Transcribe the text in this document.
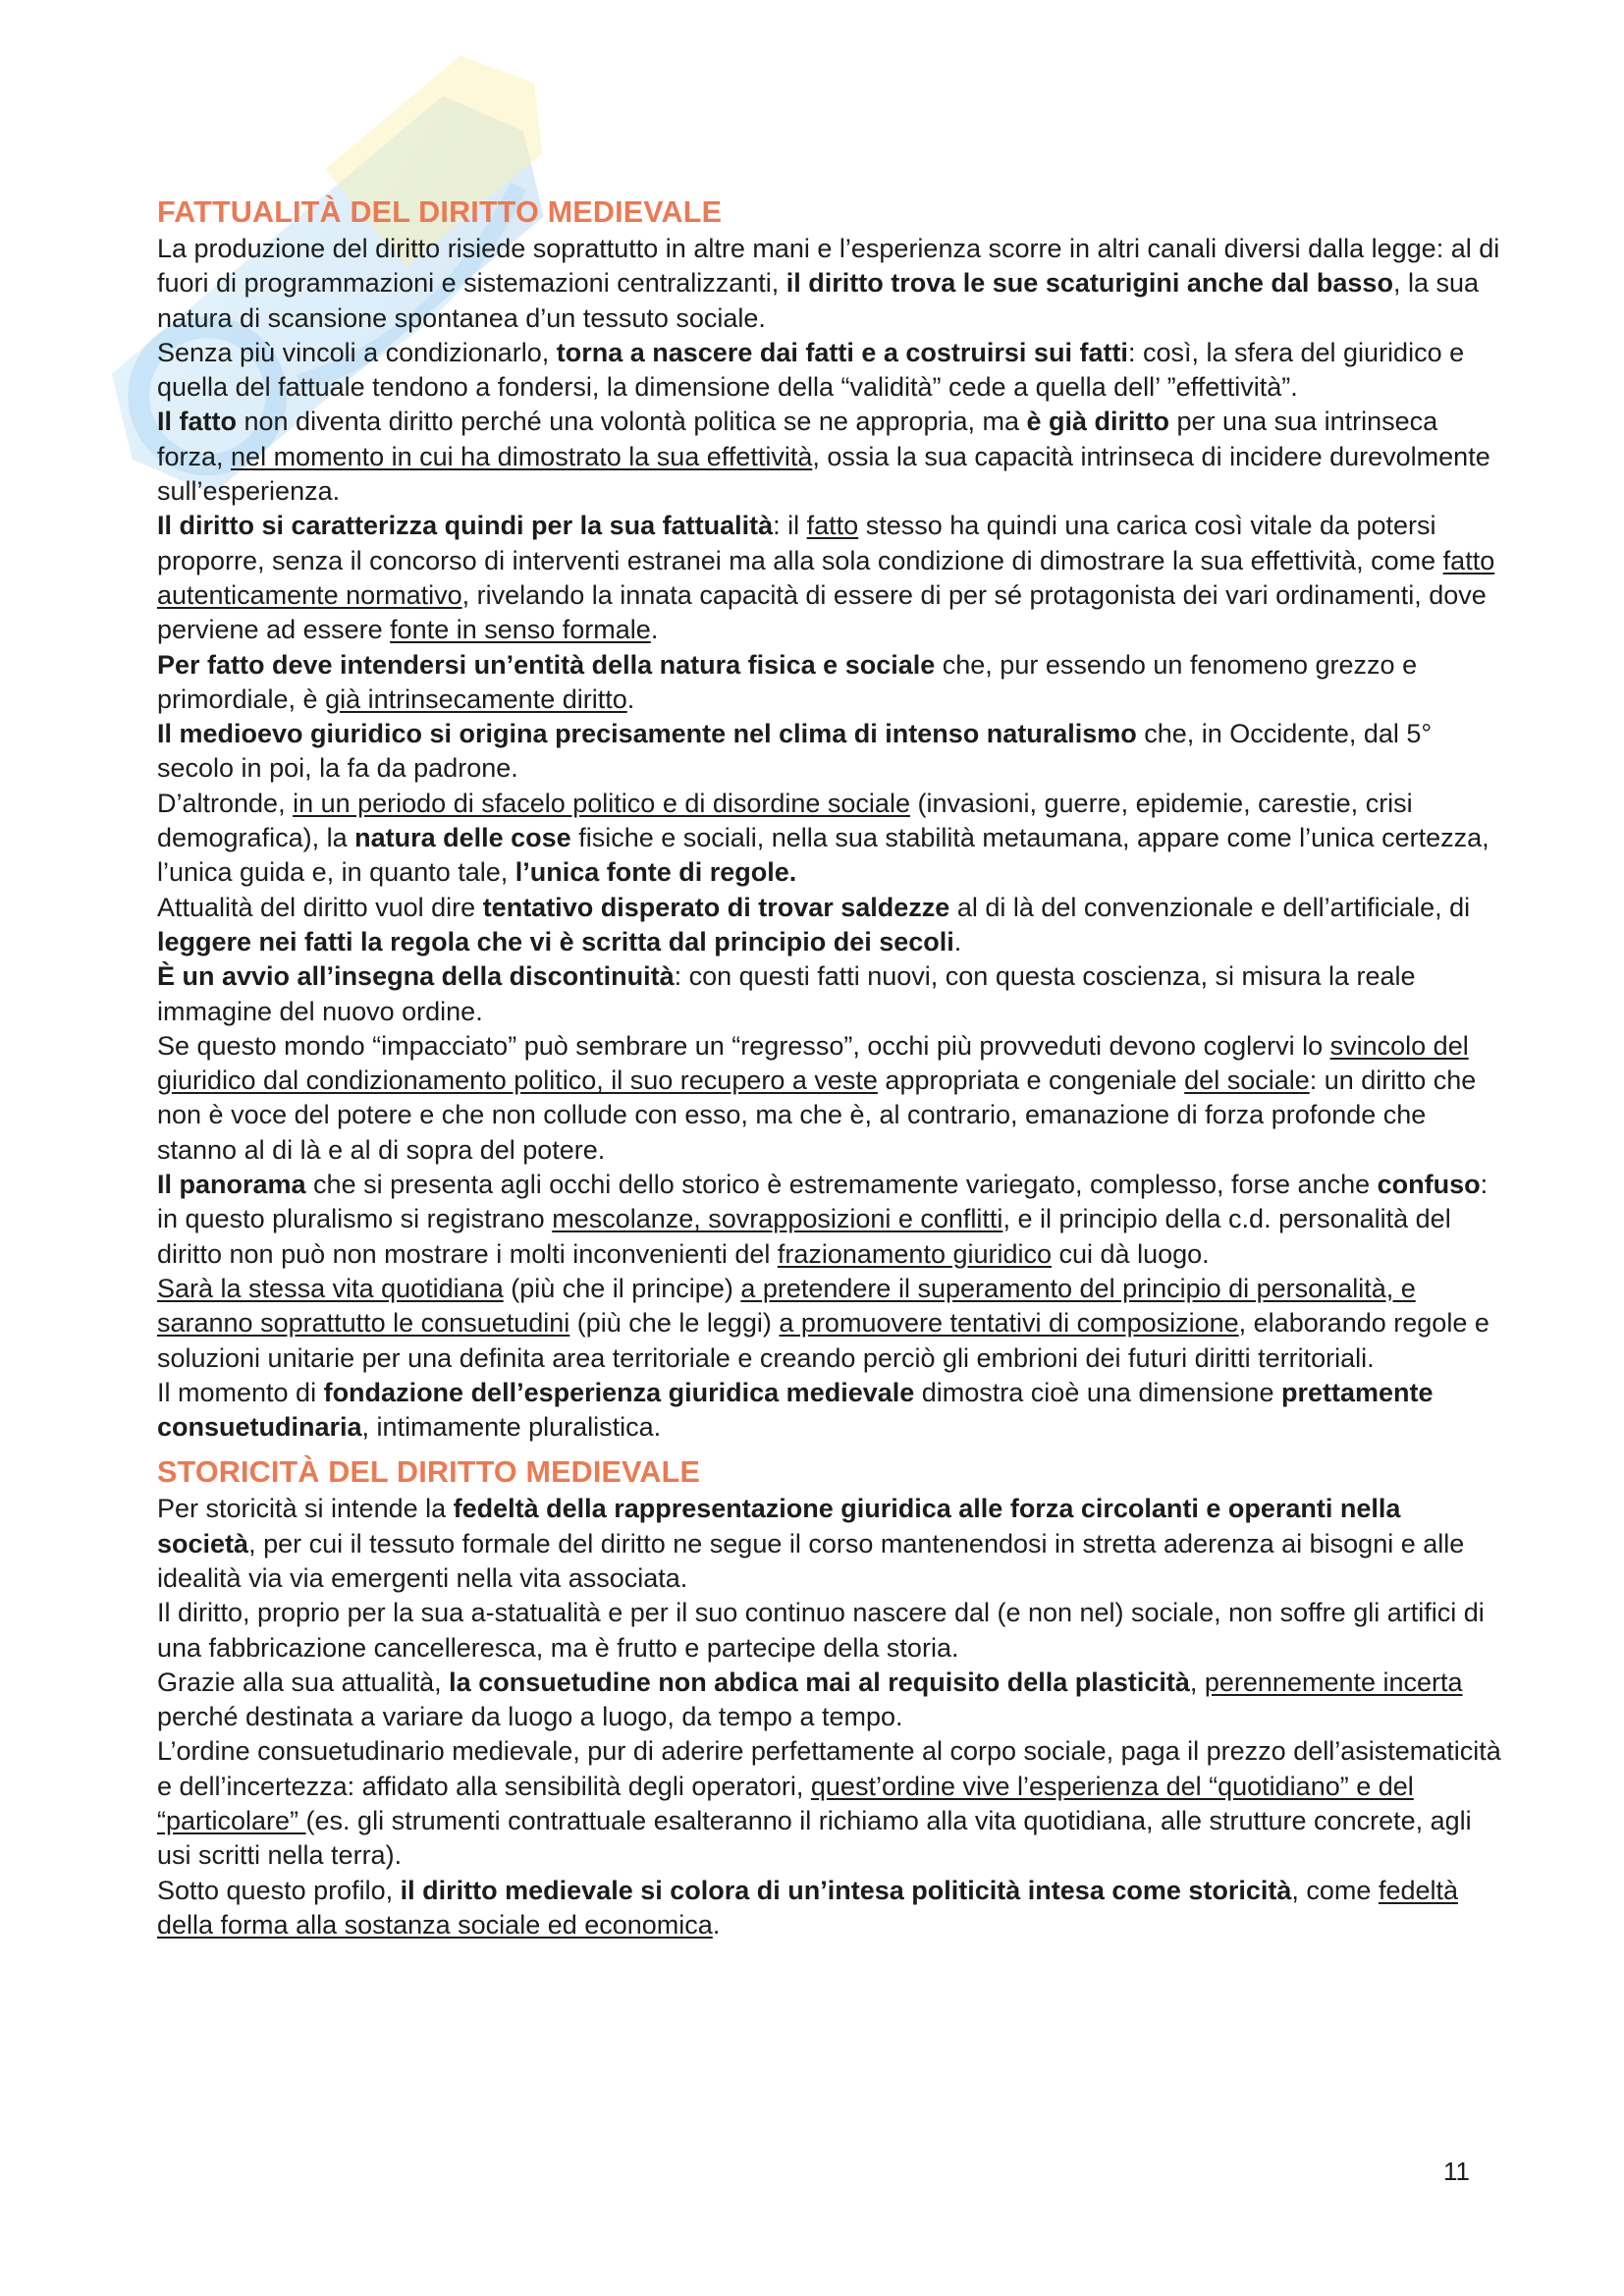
FATTUALITÀ DEL DIRITTO MEDIEVALE

La produzione del diritto risiede soprattutto in altre mani e l’esperienza scorre in altri canali diversi dalla legge: al di fuori di programmazioni e sistemazioni centralizzanti, il diritto trova le sue scaturigini anche dal basso, la sua natura di scansione spontanea d’un tessuto sociale.

Senza più vincoli a condizionarlo, torna a nascere dai fatti e a costruirsi sui fatti: così, la sfera del giuridico e quella del fattuale tendono a fondersi, la dimensione della “validità” cede a quella dell’ ”effettività”.

Il fatto non diventa diritto perché una volontà politica se ne appropria, ma è già diritto per una sua intrinseca forza, nel momento in cui ha dimostrato la sua effettività, ossia la sua capacità intrinseca di incidere durevolmente sull’esperienza.

Il diritto si caratterizza quindi per la sua fattualità: il fatto stesso ha quindi una carica così vitale da potersi proporre, senza il concorso di interventi estranei ma alla sola condizione di dimostrare la sua effettività, come fatto autenticamente normativo, rivelando la innata capacità di essere di per sé protagonista dei vari ordinamenti, dove perviene ad essere fonte in senso formale.

Per fatto deve intendersi un’entità della natura fisica e sociale che, pur essendo un fenomeno grezzo e primordiale, è già intrinsecamente diritto.

Il medioevo giuridico si origina precisamente nel clima di intenso naturalismo che, in Occidente, dal 5° secolo in poi, la fa da padrone.

D’altronde, in un periodo di sfacelo politico e di disordine sociale (invasioni, guerre, epidemie, carestie, crisi demografica), la natura delle cose fisiche e sociali, nella sua stabilità metaumana, appare come l’unica certezza, l’unica guida e, in quanto tale, l’unica fonte di regole.

Attualità del diritto vuol dire tentativo disperato di trovar saldezze al di là del convenzionale e dell’artificiale, di leggere nei fatti la regola che vi è scritta dal principio dei secoli.

È un avvio all’insegna della discontinuità: con questi fatti nuovi, con questa coscienza, si misura la reale immagine del nuovo ordine.

Se questo mondo “impacciato” può sembrare un “regresso”, occhi più provveduti devono coglervi lo svincolo del giuridico dal condizionamento politico, il suo recupero a veste appropriata e congeniale del sociale: un diritto che non è voce del potere e che non collude con esso, ma che è, al contrario, emanazione di forza profonde che stanno al di là e al di sopra del potere.

Il panorama che si presenta agli occhi dello storico è estremamente variegato, complesso, forse anche confuso: in questo pluralismo si registrano mescolanze, sovrapposizioni e conflitti, e il principio della c.d. personalità del diritto non può non mostrare i molti inconvenienti del frazionamento giuridico cui dà luogo.

Sarà la stessa vita quotidiana (più che il principe) a pretendere il superamento del principio di personalità, e saranno soprattutto le consuetudini (più che le leggi) a promuovere tentativi di composizione, elaborando regole e soluzioni unitarie per una definita area territoriale e creando perciò gli embrioni dei futuri diritti territoriali.

Il momento di fondazione dell’esperienza giuridica medievale dimostra cioè una dimensione prettamente consuetudinaria, intimamente pluralistica.

STORICITÀ DEL DIRITTO MEDIEVALE

Per storicità si intende la fedeltà della rappresentazione giuridica alle forza circolanti e operanti nella società, per cui il tessuto formale del diritto ne segue il corso mantenendosi in stretta aderenza ai bisogni e alle idealità via via emergenti nella vita associata.

Il diritto, proprio per la sua a-statualità e per il suo continuo nascere dal (e non nel) sociale, non soffre gli artifici di una fabbricazione cancelleresca, ma è frutto e partecipe della storia.

Grazie alla sua attualità, la consuetudine non abdica mai al requisito della plasticità, perennemente incerta perché destinata a variare da luogo a luogo, da tempo a tempo.

L’ordine consuetudinario medievale, pur di aderire perfettamente al corpo sociale, paga il prezzo dell’asistematicità e dell’incertezza: affidato alla sensibilità degli operatori, quest’ordine vive l’esperienza del “quotidiano” e del “particolare” (es. gli strumenti contrattuale esalteranno il richiamo alla vita quotidiana, alle strutture concrete, agli usi scritti nella terra).

Sotto questo profilo, il diritto medievale si colora di un’intesa politicità intesa come storicità, come fedeltà della forma alla sostanza sociale ed economica.

11
